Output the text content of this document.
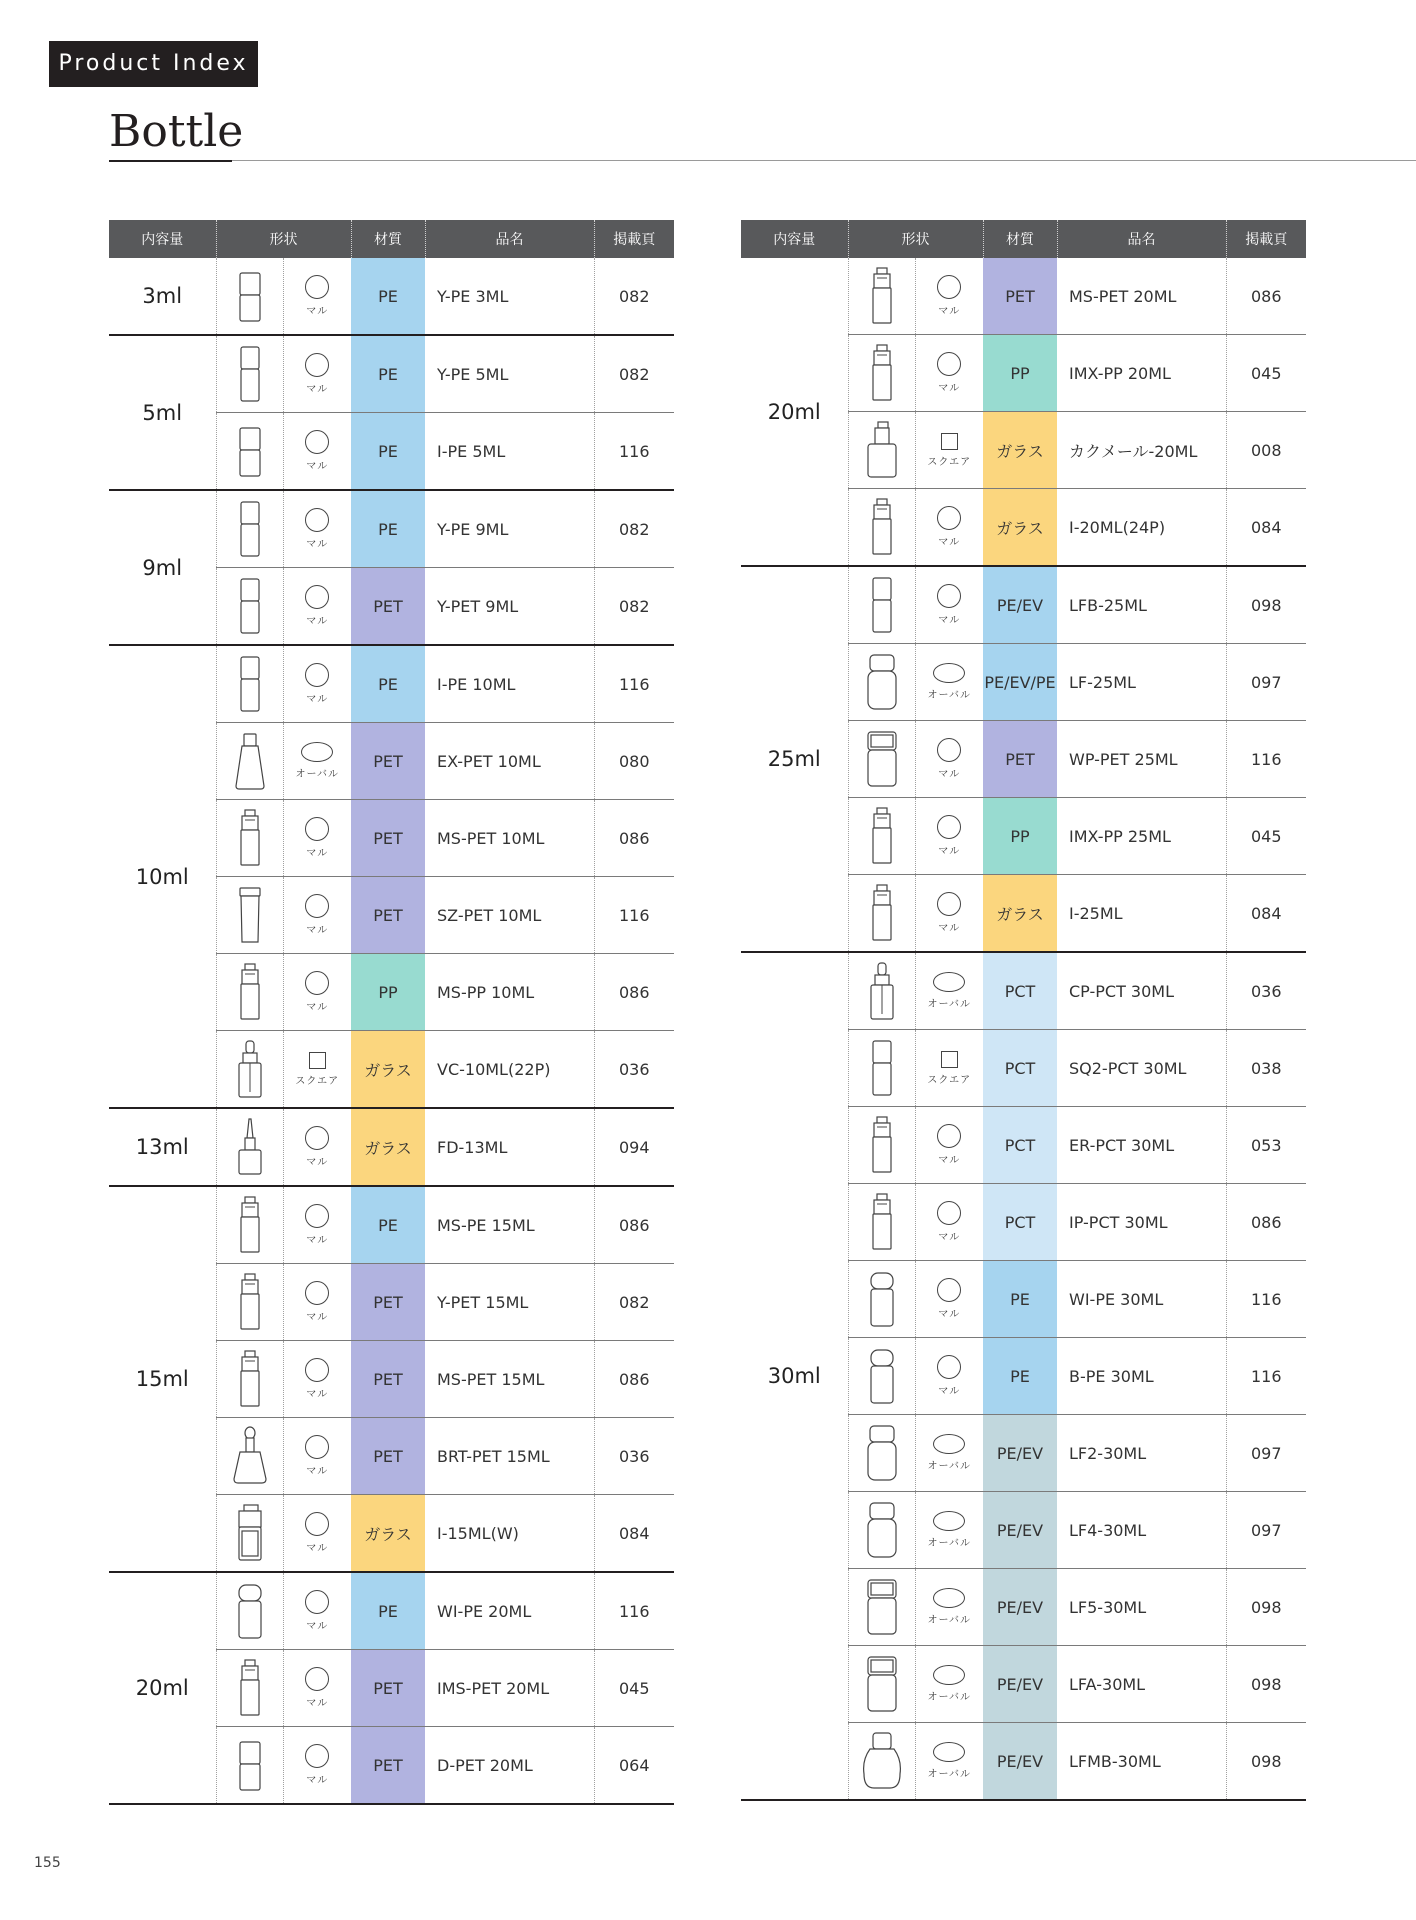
Product Index
Bottle
内容量	形状		材質	品名	掲載頁
3ml		マル	PE	Y-PE 3ML	082
5ml		マル	PE	Y-PE 5ML	082

マル	PE	I-PE 5ML	116
9ml		マル	PE	Y-PE 9ML	082

マル	PET	Y-PET 9ML	082
10ml		マル	PE	I-PE 10ML	116

オーバル	PET	EX-PET 10ML	080

マル	PET	MS-PET 10ML	086

マル	PET	SZ-PET 10ML	116

マル	PP	MS-PP 10ML	086

スクエア	ガラス	VC-10ML(22P)	036
13ml		マル	ガラス	FD-13ML	094
15ml		マル	PE	MS-PE 15ML	086

マル	PET	Y-PET 15ML	082

マル	PET	MS-PET 15ML	086

マル	PET	BRT-PET 15ML	036

マル	ガラス	I-15ML(W)	084
20ml		マル	PE	WI-PE 20ML	116

マル	PET	IMS-PET 20ML	045

マル	PET	D-PET 20ML	064
内容量	形状		材質	品名	掲載頁
20ml		マル	PET	MS-PET 20ML	086

マル	PP	IMX-PP 20ML	045

スクエア	ガラス	カクメール-20ML	008

マル	ガラス	I-20ML(24P)	084
25ml		マル	PE/EV	LFB-25ML	098

オーバル	PE/EV/PE	LF-25ML	097

マル	PET	WP-PET 25ML	116

マル	PP	IMX-PP 25ML	045

マル	ガラス	I-25ML	084
30ml		オーバル	PCT	CP-PCT 30ML	036

スクエア	PCT	SQ2-PCT 30ML	038

マル	PCT	ER-PCT 30ML	053

マル	PCT	IP-PCT 30ML	086

マル	PE	WI-PE 30ML	116

マル	PE	B-PE 30ML	116

オーバル	PE/EV	LF2-30ML	097

オーバル	PE/EV	LF4-30ML	097

オーバル	PE/EV	LF5-30ML	098

オーバル	PE/EV	LFA-30ML	098

オーバル	PE/EV	LFMB-30ML	098
155
